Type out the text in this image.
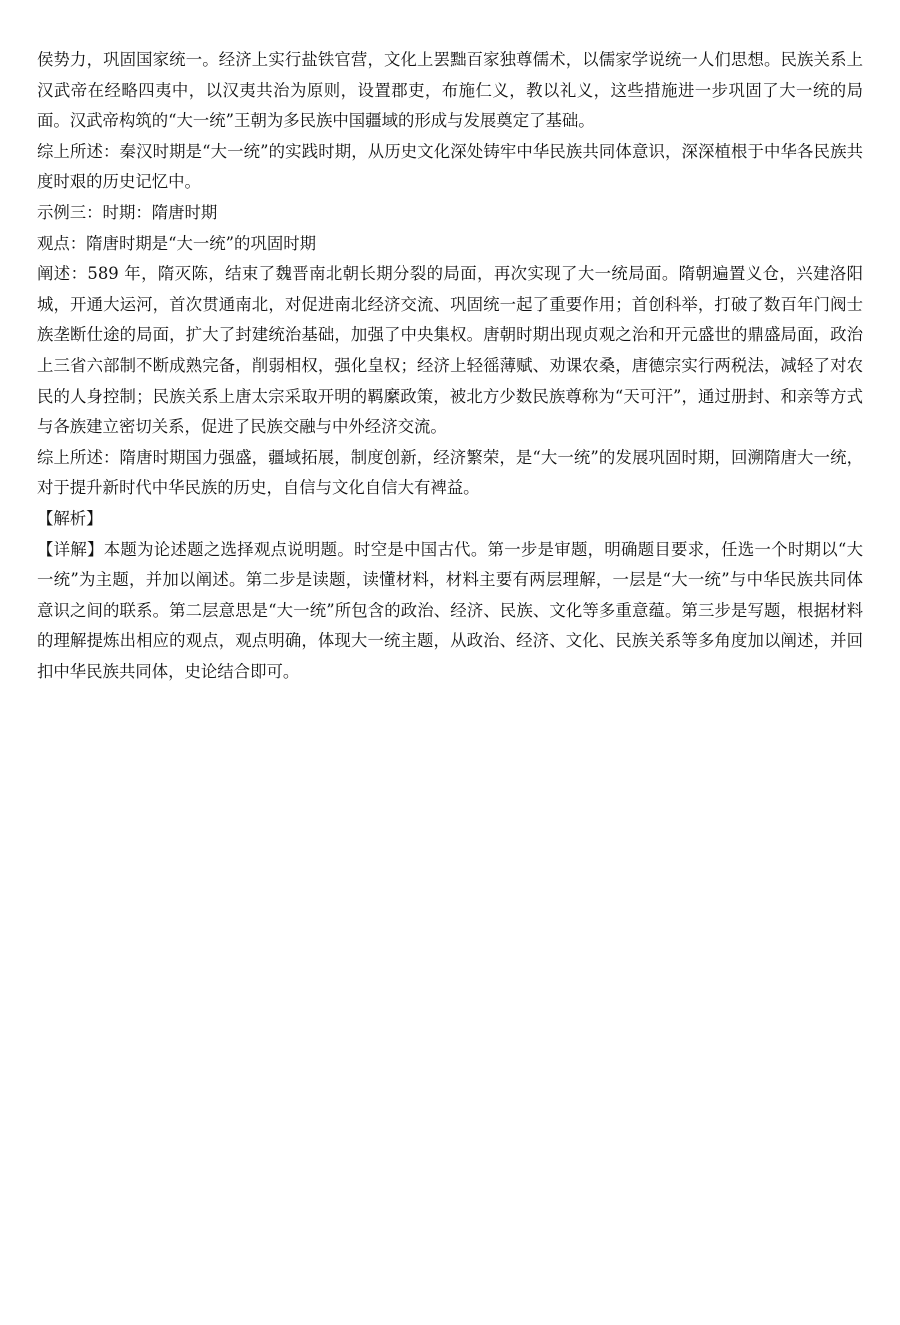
侯势力，巩固国家统一。经济上实行盐铁官营，文化上罢黜百家独尊儒术，以儒家学说统一人们思想。民族关系上汉武帝在经略四夷中，以汉夷共治为原则，设置郡吏，布施仁义，教以礼义，这些措施进一步巩固了大一统的局面。汉武帝构筑的“大一统”王朝为多民族中国疆域的形成与发展奠定了基础。

综上所述：秦汉时期是“大一统”的实践时期，从历史文化深处铸牢中华民族共同体意识，深深植根于中华各民族共度时艰的历史记忆中。

示例三：时期：隋唐时期

观点：隋唐时期是“大一统”的巩固时期

阐述：589 年，隋灭陈，结束了魏晋南北朝长期分裂的局面，再次实现了大一统局面。隋朝遍置义仓，兴建洛阳城，开通大运河，首次贯通南北，对促进南北经济交流、巩固统一起了重要作用；首创科举，打破了数百年门阀士族垄断仕途的局面，扩大了封建统治基础，加强了中央集权。唐朝时期出现贞观之治和开元盛世的鼎盛局面，政治上三省六部制不断成熟完备，削弱相权，强化皇权；经济上轻徭薄赋、劝课农桑，唐德宗实行两税法，减轻了对农民的人身控制；民族关系上唐太宗采取开明的羁縻政策，被北方少数民族尊称为“天可汗”，通过册封、和亲等方式与各族建立密切关系，促进了民族交融与中外经济交流。

综上所述：隋唐时期国力强盛，疆域拓展，制度创新，经济繁荣，是“大一统”的发展巩固时期，回溯隋唐大一统，对于提升新时代中华民族的历史，自信与文化自信大有裨益。

【解析】

【详解】本题为论述题之选择观点说明题。时空是中国古代。第一步是审题，明确题目要求，任选一个时期以“大一统”为主题，并加以阐述。第二步是读题，读懂材料，材料主要有两层理解，一层是“大一统”与中华民族共同体意识之间的联系。第二层意思是“大一统”所包含的政治、经济、民族、文化等多重意蕴。第三步是写题，根据材料的理解提炼出相应的观点，观点明确，体现大一统主题，从政治、经济、文化、民族关系等多角度加以阐述，并回扣中华民族共同体，史论结合即可。
